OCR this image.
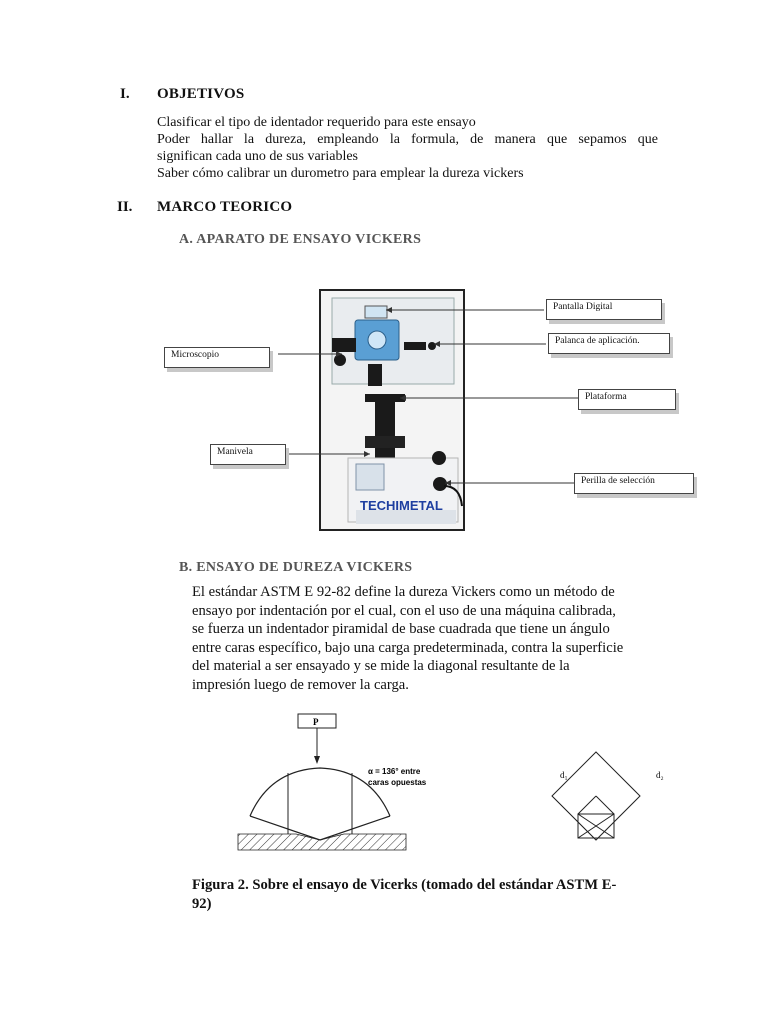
I. OBJETIVOS
Clasificar el tipo de identador requerido para este ensayo
Poder hallar la dureza, empleando la formula, de manera que sepamos que
significan cada uno de sus variables
Saber cómo calibrar un durometro para emplear la dureza vickers
II. MARCO TEORICO
A. APARATO DE ENSAYO VICKERS
TECHIMETAL
Pantalla Digital
Palanca de aplicación.
Microscopio
Plataforma
Manivela
Perilla de selección
B. ENSAYO DE DUREZA VICKERS
El estándar ASTM E 92-82 define la dureza Vickers como un método de
ensayo por indentación por el cual, con el uso de una máquina calibrada,
se fuerza un indentador piramidal de base cuadrada que tiene un ángulo
entre caras específico, bajo una carga predeterminada, contra la superficie
del material a ser ensayado y se mide la diagonal resultante de la
impresión luego de remover la carga.
P
α = 136° entre
caras opuestas
d₁	d₂
Figura 2. Sobre el ensayo de Vicerks (tomado del estándar ASTM E-
92)
